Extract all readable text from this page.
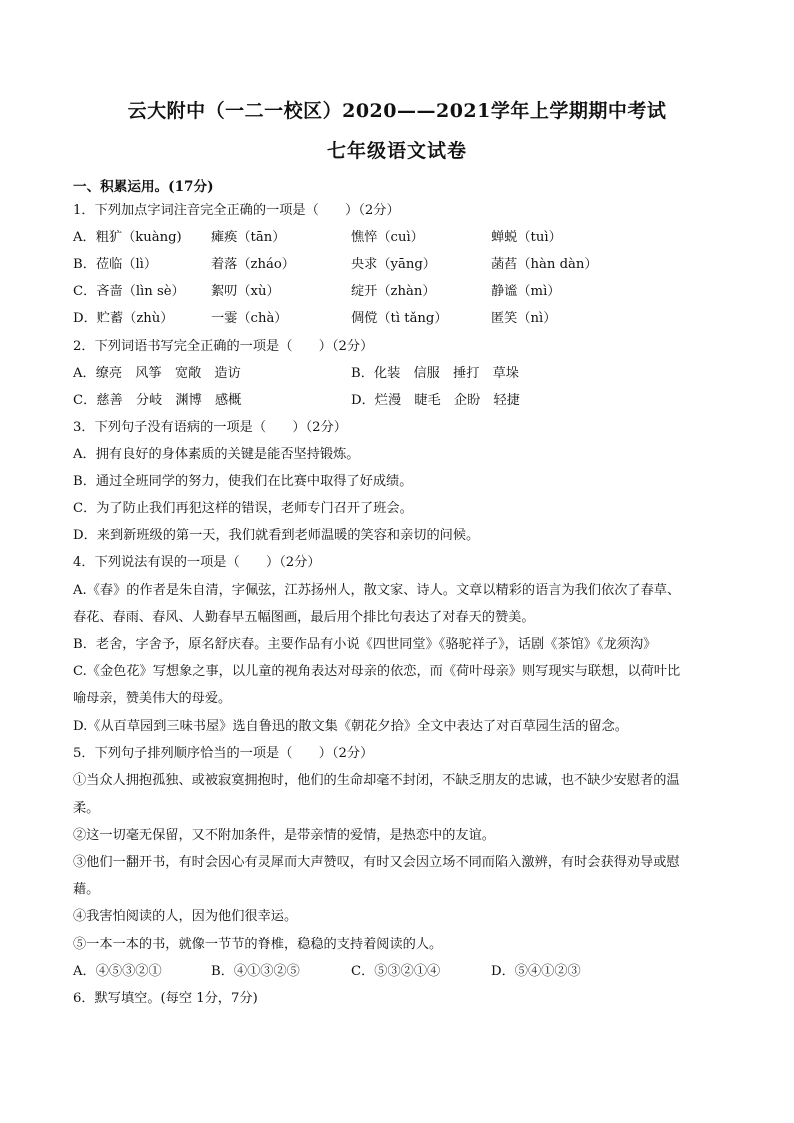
云大附中（一二一校区）2020——2021学年上学期期中考试
七年级语文试卷
一、积累运用。(17分)
1．下列加点字词注音完全正确的一项是（　　）（2分）
A．粗犷（kuàng) 瘫痪（tān）	憔悴（cuì）	蝉蜕（tuì）
B．莅临（lì）	着落（zháo）	央求（yāng）	菡萏（hàn dàn）
C．吝啬（lìn sè） 絮叨（xù）	绽开（zhàn）	静谧（mì）
D．贮蓄（zhù）	一霎（chà）	倜傥（tì tǎng）	匿笑（nì）
2．下列词语书写完全正确的一项是（　　）（2分）
A．缭亮　风筝　宽敞　造访	B．化装　信服　捶打　草垛
C．慈善　分岐　渊博　感概	D．烂漫　睫毛　企盼　轻捷
3．下列句子没有语病的一项是（　　）（2分）
A．拥有良好的身体素质的关键是能否坚持锻炼。
B．通过全班同学的努力，使我们在比赛中取得了好成绩。
C．为了防止我们再犯这样的错误，老师专门召开了班会。
D．来到新班级的第一天，我们就看到老师温暖的笑容和亲切的问候。
4．下列说法有误的一项是（　　）（2分）
A.《春》的作者是朱自清，字佩弦，江苏扬州人，散文家、诗人。文章以精彩的语言为我们依次了春草、
春花、春雨、春风、人勤春早五幅图画，最后用个排比句表达了对春天的赞美。
B．老舍，字舍予，原名舒庆春。主要作品有小说《四世同堂》《骆驼祥子》，话剧《茶馆》《龙须沟》
C.《金色花》写想象之事，以儿童的视角表达对母亲的依恋，而《荷叶母亲》则写现实与联想，以荷叶比
喻母亲，赞美伟大的母爱。
D.《从百草园到三味书屋》选自鲁迅的散文集《朝花夕拾》全文中表达了对百草园生活的留念。
5．下列句子排列顺序恰当的一项是（　　）（2分）
①当众人拥抱孤独、或被寂寞拥抱时，他们的生命却毫不封闭，不缺乏朋友的忠诚，也不缺少安慰者的温
柔。
②这一切毫无保留，又不附加条件，是带亲情的爱情，是热恋中的友谊。
③他们一翻开书，有时会因心有灵犀而大声赞叹，有时又会因立场不同而陷入激辨，有时会获得劝导或慰
藉。
④我害怕阅读的人，因为他们很幸运。
⑤一本一本的书，就像一节节的脊椎，稳稳的支持着阅读的人。
A．④⑤③②①	B．④①③②⑤	C．⑤③②①④	D．⑤④①②③
6．默写填空。(每空 1分，7分)
